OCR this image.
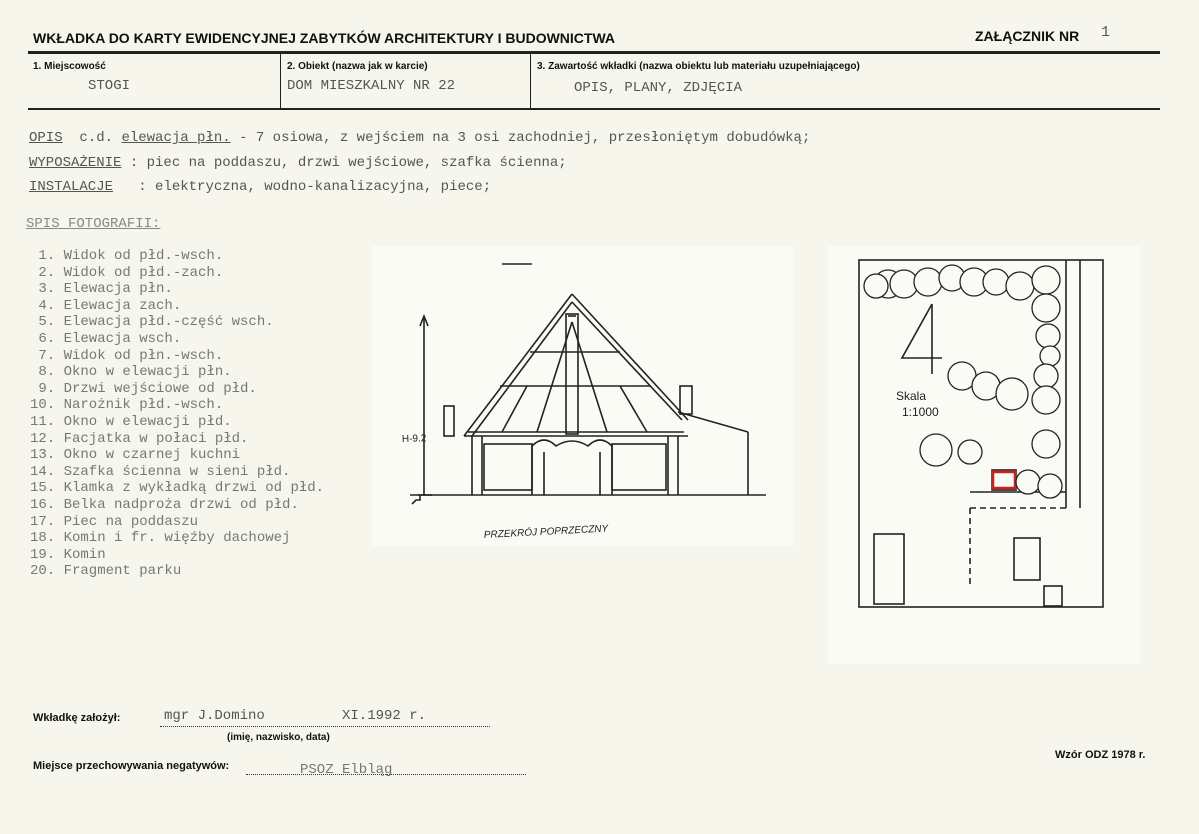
WKŁADKA DO KARTY EWIDENCYJNEJ ZABYTKÓW ARCHITEKTURY I BUDOWNICTWA	ZAŁĄCZNIK NR 1
1. Miejscowość
STOGI
2. Obiekt (nazwa jak w karcie)
DOM MIESZKALNY NR 22
3. Zawartość wkładki (nazwa obiektu lub materiału uzupełniającego)
OPIS, PLANY, ZDJĘCIA
OPIS c.d. elewacja płn. - 7 osiowa, z wejściem na 3 osi zachodniej, przesłoniętym dobudówką;
WYPOSAŻENIE : piec na poddaszu, drzwi wejściowe, szafka ścienna;
INSTALACJE : elektryczna, wodno-kanalizacyjna, piece;
SPIS FOTOGRAFII:
1. Widok od płd.-wsch.
2. Widok od płd.-zach.
3. Elewacja płn.
4. Elewacja zach.
5. Elewacja płd.-część wsch.
6. Elewacja wsch.
7. Widok od płn.-wsch.
8. Okno w elewacji płn.
9. Drzwi wejściowe od płd.
10. Narożnik płd.-wsch.
11. Okno w elewacji płd.
12. Facjatka w połaci płd.
13. Okno w czarnej kuchni
14. Szafka ścienna w sieni płd.
15. Klamka z wykładką drzwi od płd.
16. Belka nadproża drzwi od płd.
17. Piec na poddaszu
18. Komin i fr. więźby dachowej
19. Komin
20. Fragment parku
H-9.2
PRZEKRÓJ POPRZECZNY
Skala
1:1000
Wkładkę założył:	mgr J.Domino	XI.1992 r.
(imię, nazwisko, data)
Miejsce przechowywania negatywów:	PSOZ Elbląg
Wzór ODZ 1978 r.
